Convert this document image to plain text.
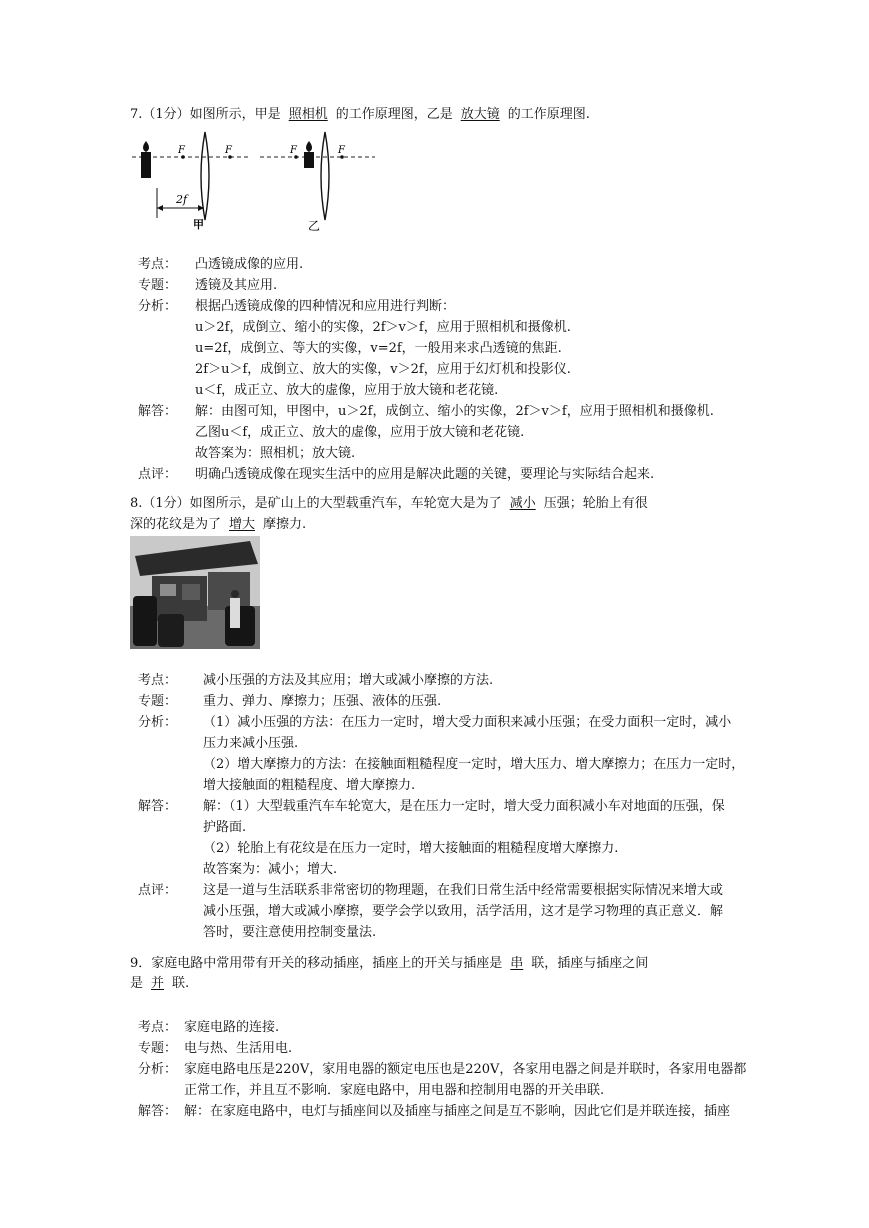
7.（1分）如图所示，甲是 照相机 的工作原理图，乙是 放大镜 的工作原理图.
F	F
2f
甲
F	F
乙
考点： 凸透镜成像的应用.
专题： 透镜及其应用.
分析： 根据凸透镜成像的四种情况和应用进行判断：
u＞2f，成倒立、缩小的实像，2f＞v＞f，应用于照相机和摄像机.
u=2f，成倒立、等大的实像，v=2f，一般用来求凸透镜的焦距.
2f＞u＞f，成倒立、放大的实像，v＞2f，应用于幻灯机和投影仪.
u＜f，成正立、放大的虚像，应用于放大镜和老花镜.
解答： 解：由图可知，甲图中，u＞2f，成倒立、缩小的实像，2f＞v＞f，应用于照相机和摄像机.
乙图u＜f，成正立、放大的虚像，应用于放大镜和老花镜.
故答案为：照相机；放大镜.
点评： 明确凸透镜成像在现实生活中的应用是解决此题的关键，要理论与实际结合起来.
8.（1分）如图所示，是矿山上的大型载重汽车，车轮宽大是为了 减小 压强；轮胎上有很
深的花纹是为了 增大 摩擦力.
考点： 减小压强的方法及其应用；增大或减小摩擦的方法.
专题： 重力、弹力、摩擦力；压强、液体的压强.
分析： （1）减小压强的方法：在压力一定时，增大受力面积来减小压强；在受力面积一定时，减小
压力来减小压强.
（2）增大摩擦力的方法：在接触面粗糙程度一定时，增大压力、增大摩擦力；在压力一定时，
增大接触面的粗糙程度、增大摩擦力.
解答： 解：（1）大型载重汽车车轮宽大，是在压力一定时，增大受力面积减小车对地面的压强，保
护路面.
（2）轮胎上有花纹是在压力一定时，增大接触面的粗糙程度增大摩擦力.
故答案为：减小；增大.
点评： 这是一道与生活联系非常密切的物理题，在我们日常生活中经常需要根据实际情况来增大或
减小压强，增大或减小摩擦，要学会学以致用，活学活用，这才是学习物理的真正意义．解
答时，要注意使用控制变量法.
9．家庭电路中常用带有开关的移动插座，插座上的开关与插座是 串 联，插座与插座之间
是 并 联.
考点： 家庭电路的连接.
专题： 电与热、生活用电.
分析： 家庭电路电压是220V，家用电器的额定电压也是220V，各家用电器之间是并联时，各家用电器都
正常工作，并且互不影响．家庭电路中，用电器和控制用电器的开关串联.
解答： 解：在家庭电路中，电灯与插座间以及插座与插座之间是互不影响，因此它们是并联连接，插座
